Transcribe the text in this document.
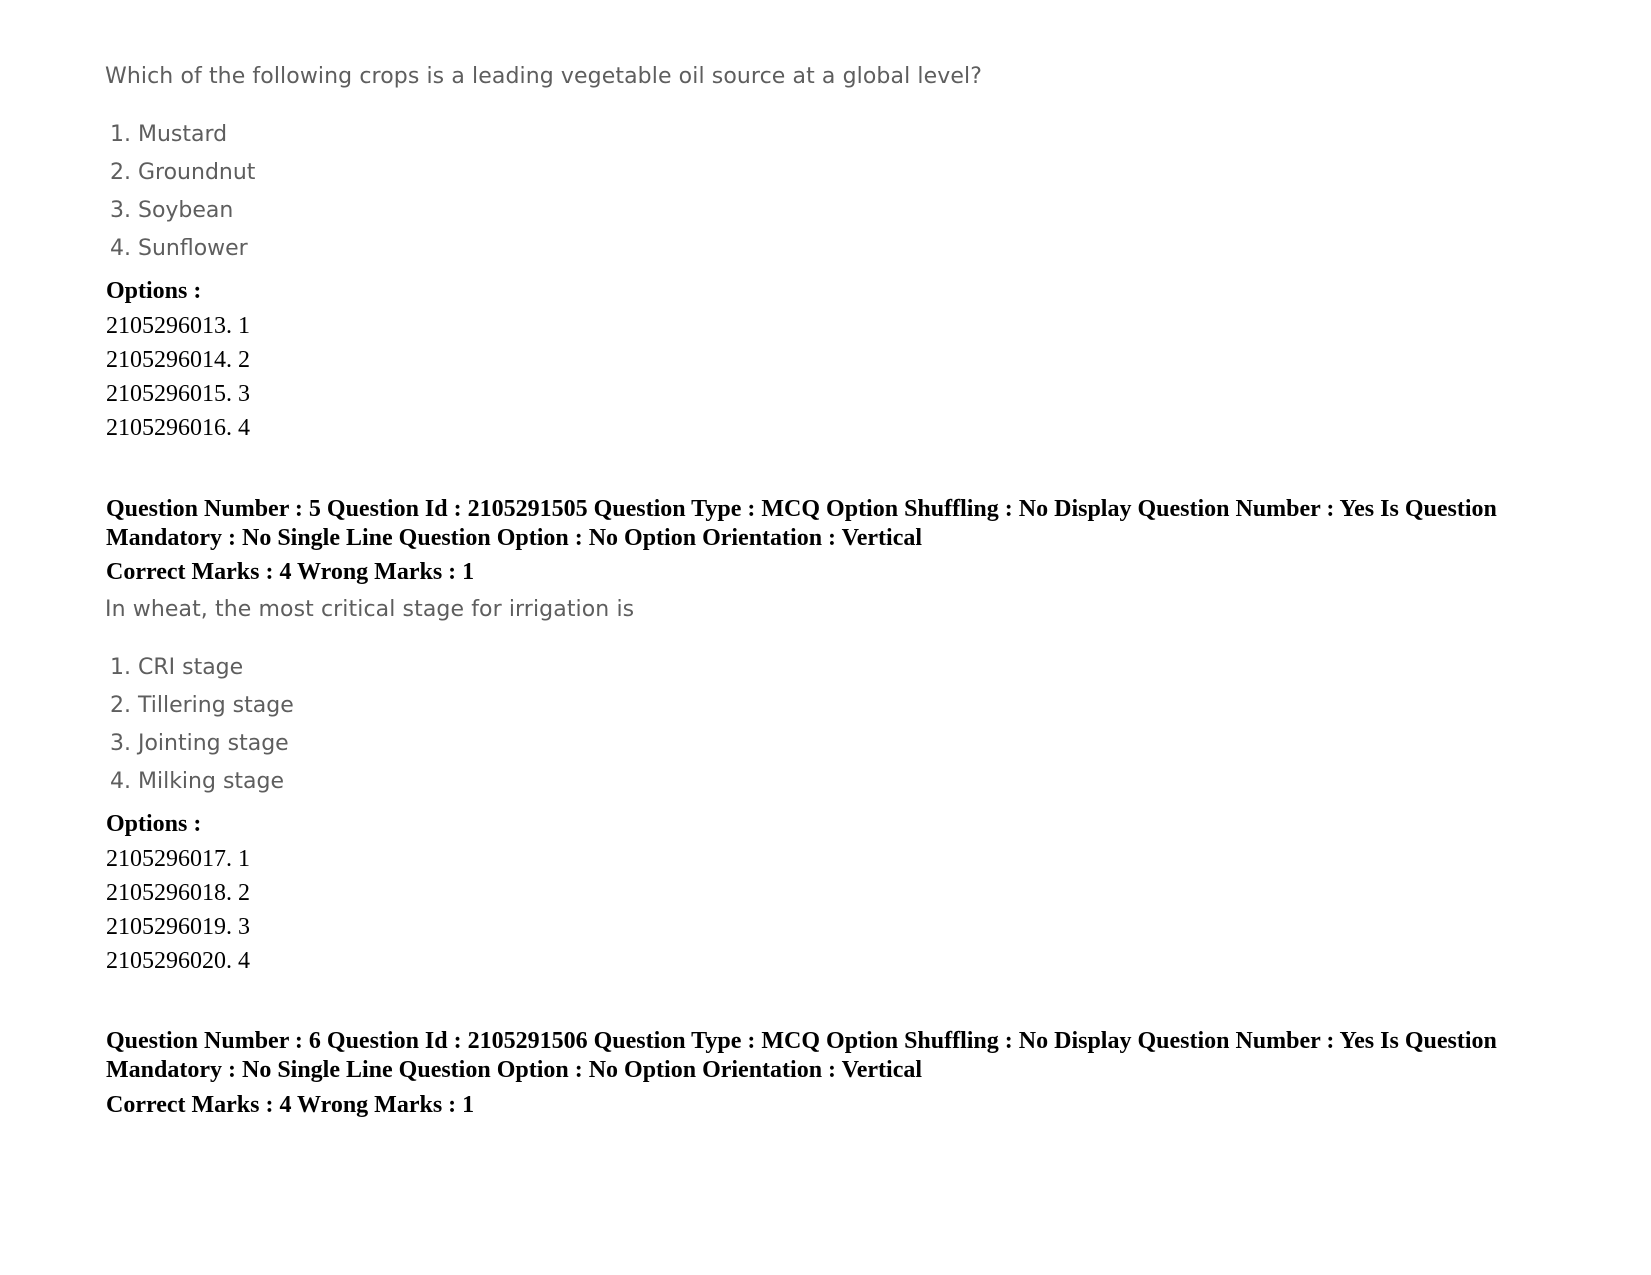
Which of the following crops is a leading vegetable oil source at a global level?
1. Mustard
2. Groundnut
3. Soybean
4. Sunflower
Options :
2105296013. 1
2105296014. 2
2105296015. 3
2105296016. 4
Question Number : 5 Question Id : 2105291505 Question Type : MCQ Option Shuffling : No Display Question Number : Yes Is Question Mandatory : No Single Line Question Option : No Option Orientation : Vertical
Correct Marks : 4 Wrong Marks : 1
In wheat, the most critical stage for irrigation is
1. CRI stage
2. Tillering stage
3. Jointing stage
4. Milking stage
Options :
2105296017. 1
2105296018. 2
2105296019. 3
2105296020. 4
Question Number : 6 Question Id : 2105291506 Question Type : MCQ Option Shuffling : No Display Question Number : Yes Is Question Mandatory : No Single Line Question Option : No Option Orientation : Vertical
Correct Marks : 4 Wrong Marks : 1
